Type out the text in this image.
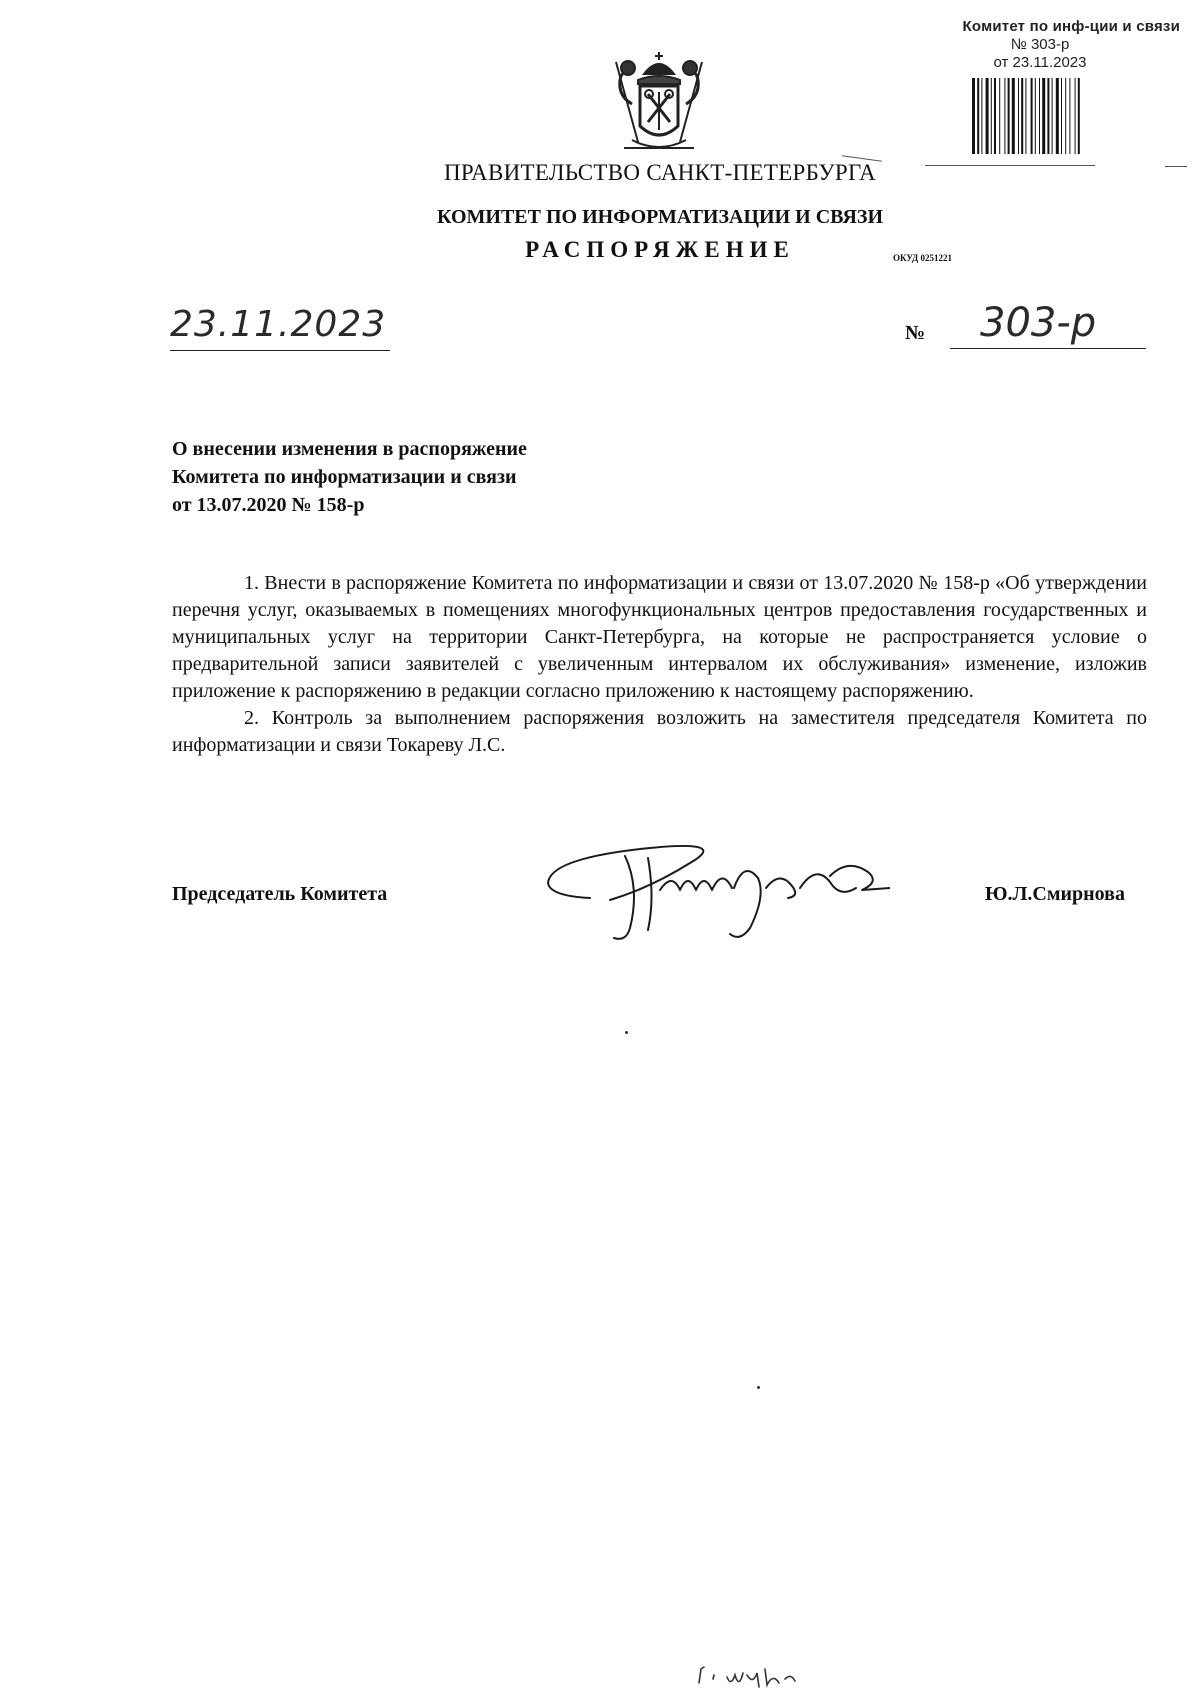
Комитет по инф-ции и связи
№ 303-р
от 23.11.2023
ПРАВИТЕЛЬСТВО САНКТ-ПЕТЕРБУРГА
КОМИТЕТ ПО ИНФОРМАТИЗАЦИИ И СВЯЗИ
РАСПОРЯЖЕНИЕ	ОКУД 0251221
23.11.2023	№ 303-р
О внесении изменения в распоряжение
Комитета по информатизации и связи
от 13.07.2020 № 158-р

1. Внести в распоряжение Комитета по информатизации и связи от 13.07.2020 № 158-р «Об утверждении перечня услуг, оказываемых в помещениях многофункциональных центров предоставления государственных и муниципальных услуг на территории Санкт-Петербурга, на которые не распространяется условие о предварительной записи заявителей с увеличенным интервалом их обслуживания» изменение, изложив приложение к распоряжению в редакции согласно приложению к настоящему распоряжению.

2. Контроль за выполнением распоряжения возложить на заместителя председателя Комитета по информатизации и связи Токареву Л.С.

Председатель Комитета	Ю.Л.Смирнова
